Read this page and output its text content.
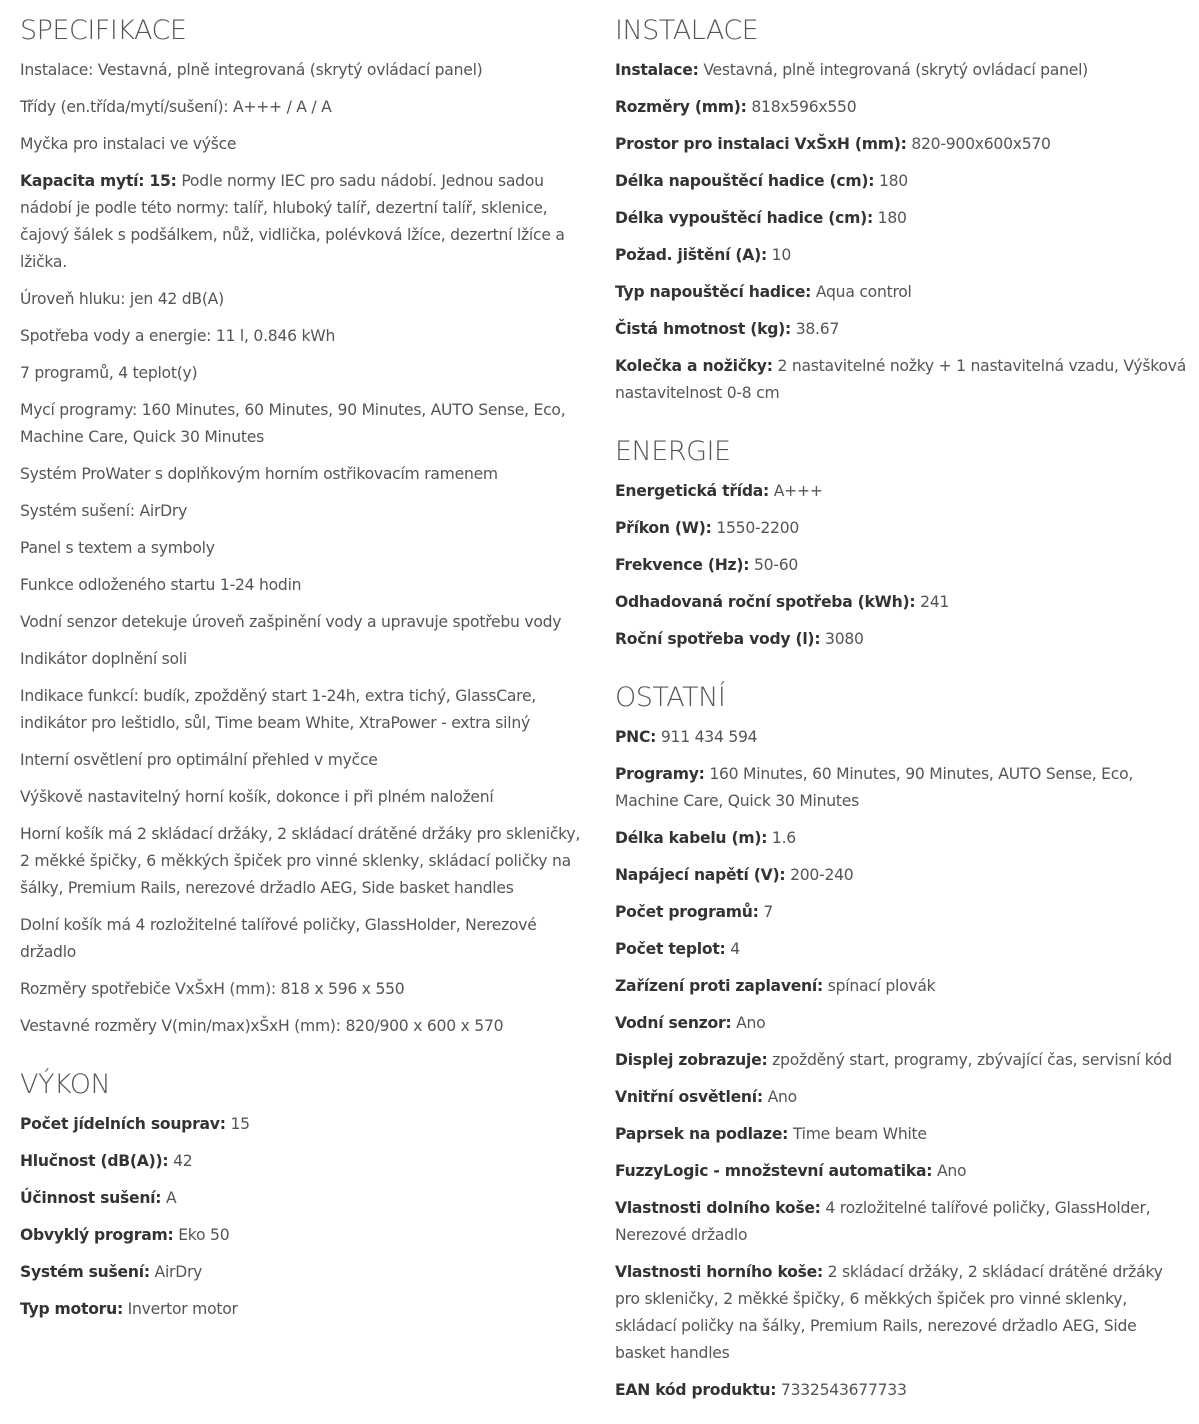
SPECIFIKACE
Instalace: Vestavná, plně integrovaná (skrytý ovládací panel)
Třídy (en.třída/mytí/sušení): A+++ / A / A
Myčka pro instalaci ve výšce
Kapacita mytí: 15: Podle normy IEC pro sadu nádobí. Jednou sadou nádobí je podle této normy: talíř, hluboký talíř, dezertní talíř, sklenice, čajový šálek s podšálkem, nůž, vidlička, polévková lžíce, dezertní lžíce a lžička.
Úroveň hluku: jen 42 dB(A)
Spotřeba vody a energie: 11 l, 0.846 kWh
7 programů, 4 teplot(y)
Mycí programy: 160 Minutes, 60 Minutes, 90 Minutes, AUTO Sense, Eco, Machine Care, Quick 30 Minutes
Systém ProWater s doplňkovým horním ostřikovacím ramenem
Systém sušení: AirDry
Panel s textem a symboly
Funkce odloženého startu 1-24 hodin
Vodní senzor detekuje úroveň zašpinění vody a upravuje spotřebu vody
Indikátor doplnění soli
Indikace funkcí: budík, zpožděný start 1-24h, extra tichý, GlassCare, indikátor pro leštidlo, sůl, Time beam White, XtraPower - extra silný
Interní osvětlení pro optimální přehled v myčce
Výškově nastavitelný horní košík, dokonce i při plném naložení
Horní košík má 2 skládací držáky, 2 skládací drátěné držáky pro skleničky, 2 měkké špičky, 6 měkkých špiček pro vinné sklenky, skládací poličky na šálky, Premium Rails, nerezové držadlo AEG, Side basket handles
Dolní košík má 4 rozložitelné talířové poličky, GlassHolder, Nerezové držadlo
Rozměry spotřebiče VxŠxH (mm): 818 x 596 x 550
Vestavné rozměry V(min/max)xŠxH (mm): 820/900 x 600 x 570
VÝKON
Počet jídelních souprav: 15
Hlučnost (dB(A)): 42
Účinnost sušení: A
Obvyklý program: Eko 50
Systém sušení: AirDry
Typ motoru: Invertor motor
INSTALACE
Instalace: Vestavná, plně integrovaná (skrytý ovládací panel)
Rozměry (mm): 818x596x550
Prostor pro instalaci VxŠxH (mm): 820-900x600x570
Délka napouštěcí hadice (cm): 180
Délka vypouštěcí hadice (cm): 180
Požad. jištění (A): 10
Typ napouštěcí hadice: Aqua control
Čistá hmotnost (kg): 38.67
Kolečka a nožičky: 2 nastavitelné nožky + 1 nastavitelná vzadu, Výšková nastavitelnost 0-8 cm
ENERGIE
Energetická třída: A+++
Příkon (W): 1550-2200
Frekvence (Hz): 50-60
Odhadovaná roční spotřeba (kWh): 241
Roční spotřeba vody (l): 3080
OSTATNÍ
PNC: 911 434 594
Programy: 160 Minutes, 60 Minutes, 90 Minutes, AUTO Sense, Eco, Machine Care, Quick 30 Minutes
Délka kabelu (m): 1.6
Napájecí napětí (V): 200-240
Počet programů: 7
Počet teplot: 4
Zařízení proti zaplavení: spínací plovák
Vodní senzor: Ano
Displej zobrazuje: zpožděný start, programy, zbývající čas, servisní kód
Vnitřní osvětlení: Ano
Paprsek na podlaze: Time beam White
FuzzyLogic - množstevní automatika: Ano
Vlastnosti dolního koše: 4 rozložitelné talířové poličky, GlassHolder, Nerezové držadlo
Vlastnosti horního koše: 2 skládací držáky, 2 skládací drátěné držáky pro skleničky, 2 měkké špičky, 6 měkkých špiček pro vinné sklenky, skládací poličky na šálky, Premium Rails, nerezové držadlo AEG, Side basket handles
EAN kód produktu: 7332543677733
